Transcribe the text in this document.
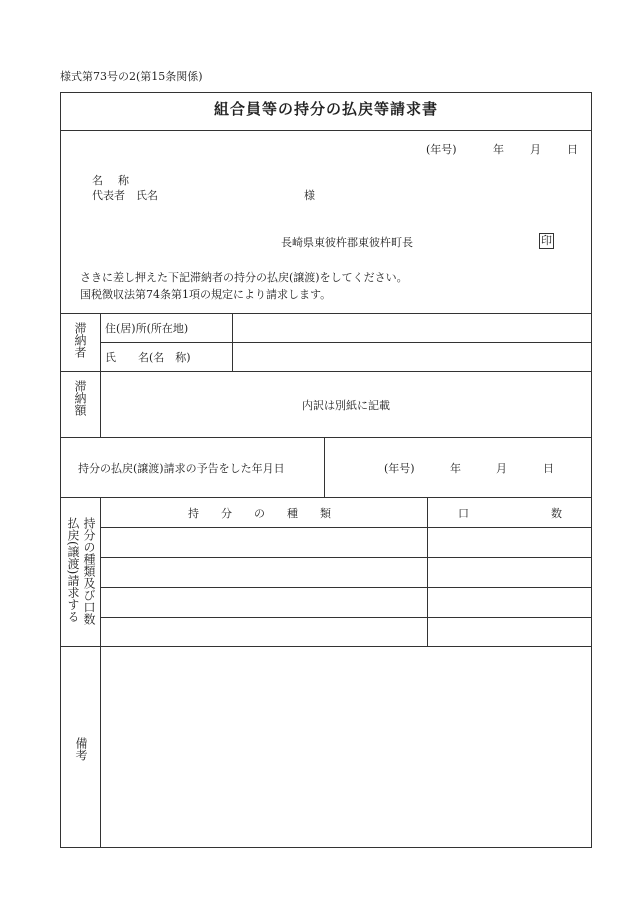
様式第73号の2(第15条関係)
組合員等の持分の払戻等請求書
(年号)	年 月 日
名　称
代表者　氏名	様
長崎県東彼杵郡東彼杵町長	印
さきに差し押えた下記滞納者の持分の払戻(譲渡)をしてください。
国税徴収法第74条第1項の規定により請求します。
滞納者 住(居)所(所在地)
氏　　名(名　称)
滞納額	内訳は別紙に記載
持分の払戻(譲渡)請求の予告をした年月日	(年号)	年	月	日
持分の種類及び口数
払戻(譲渡)請求する
持　　分　　の　　種　　類	口	数
備考
